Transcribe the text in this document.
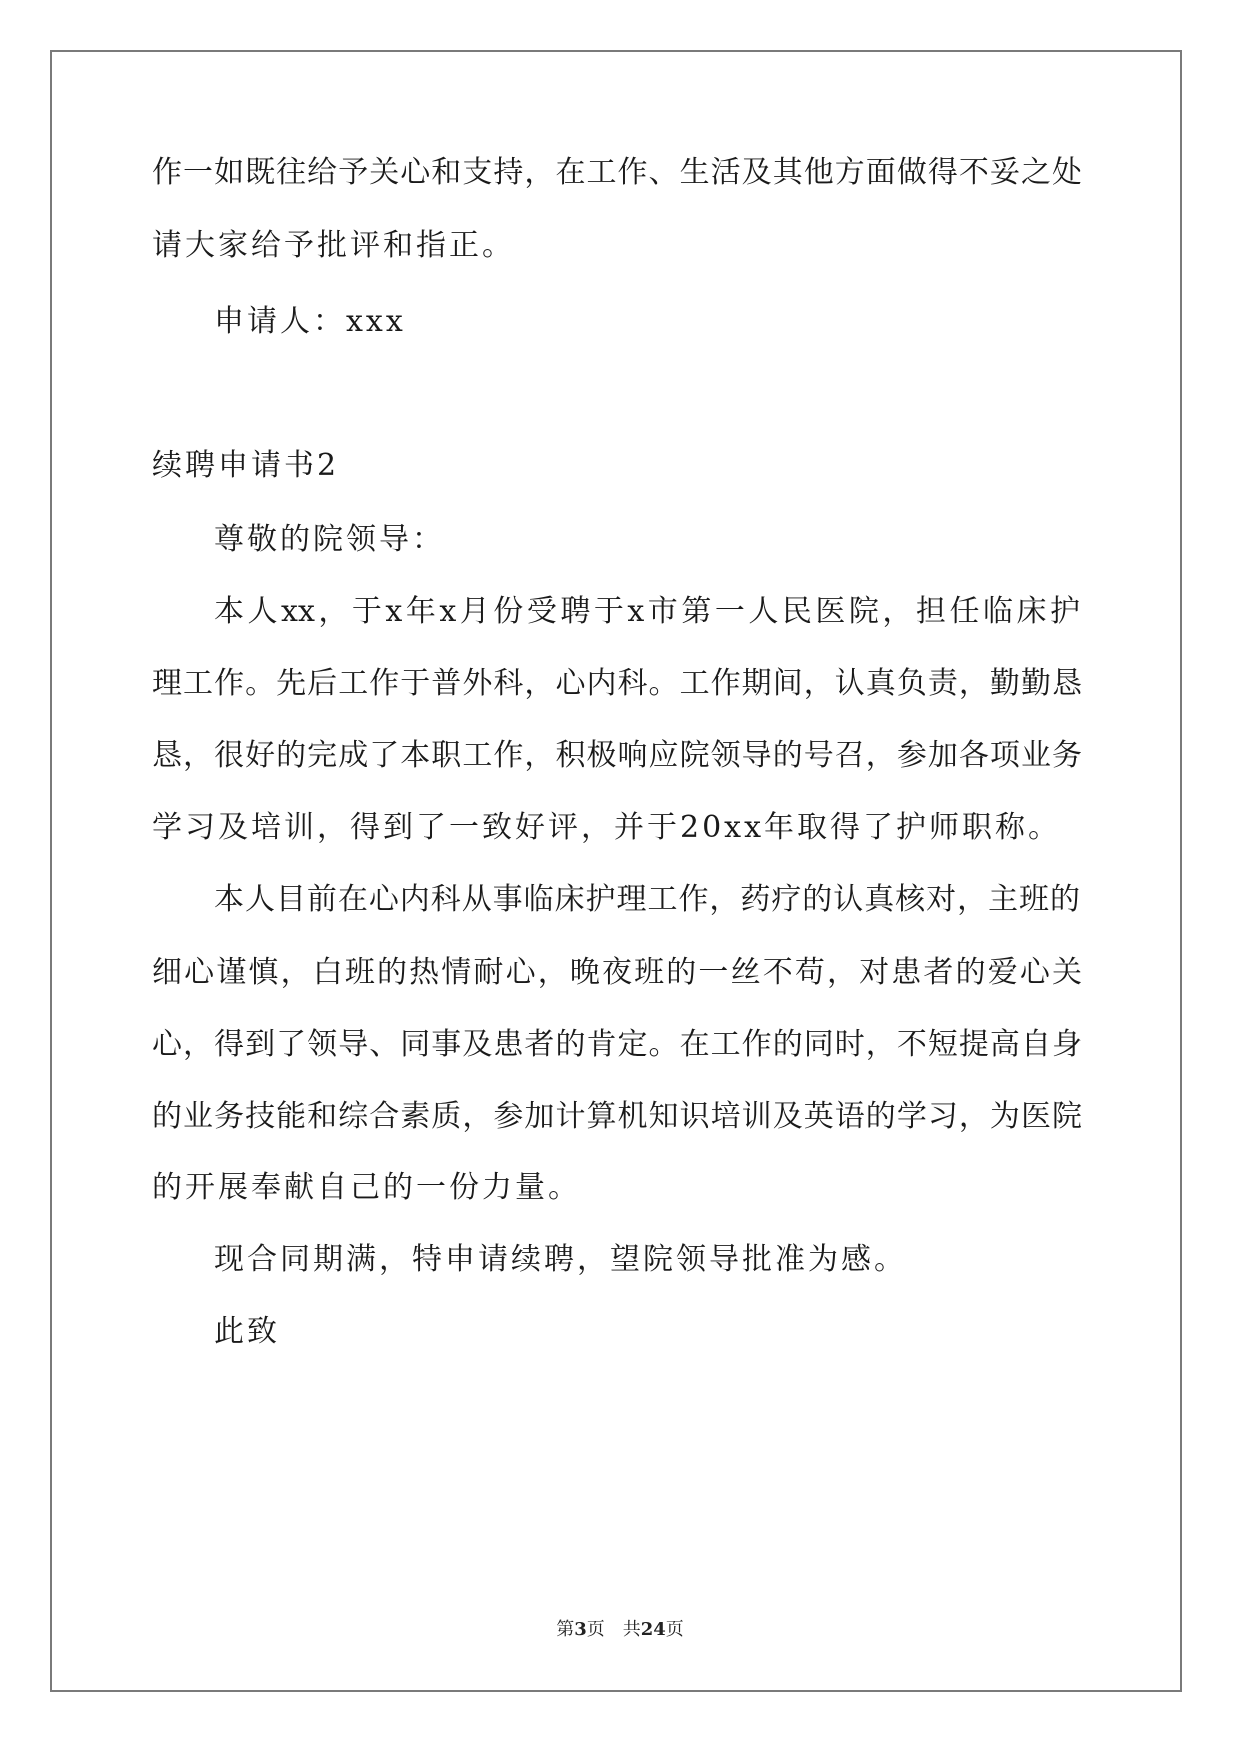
作一如既往给予关心和支持，在工作、生活及其他方面做得不妥之处
请大家给予批评和指正。
申请人：xxx
续聘申请书2
尊敬的院领导：
本人xx，于x年x月份受聘于x市第一人民医院，担任临床护
理工作。先后工作于普外科，心内科。工作期间，认真负责，勤勤恳
恳，很好的完成了本职工作，积极响应院领导的号召，参加各项业务
学习及培训，得到了一致好评，并于20xx年取得了护师职称。
本人目前在心内科从事临床护理工作，药疗的认真核对，主班的
细心谨慎，白班的热情耐心，晚夜班的一丝不苟，对患者的爱心关
心，得到了领导、同事及患者的肯定。在工作的同时，不短提高自身
的业务技能和综合素质，参加计算机知识培训及英语的学习，为医院
的开展奉献自己的一份力量。
现合同期满，特申请续聘，望院领导批准为感。
此致
第3页　共24页
